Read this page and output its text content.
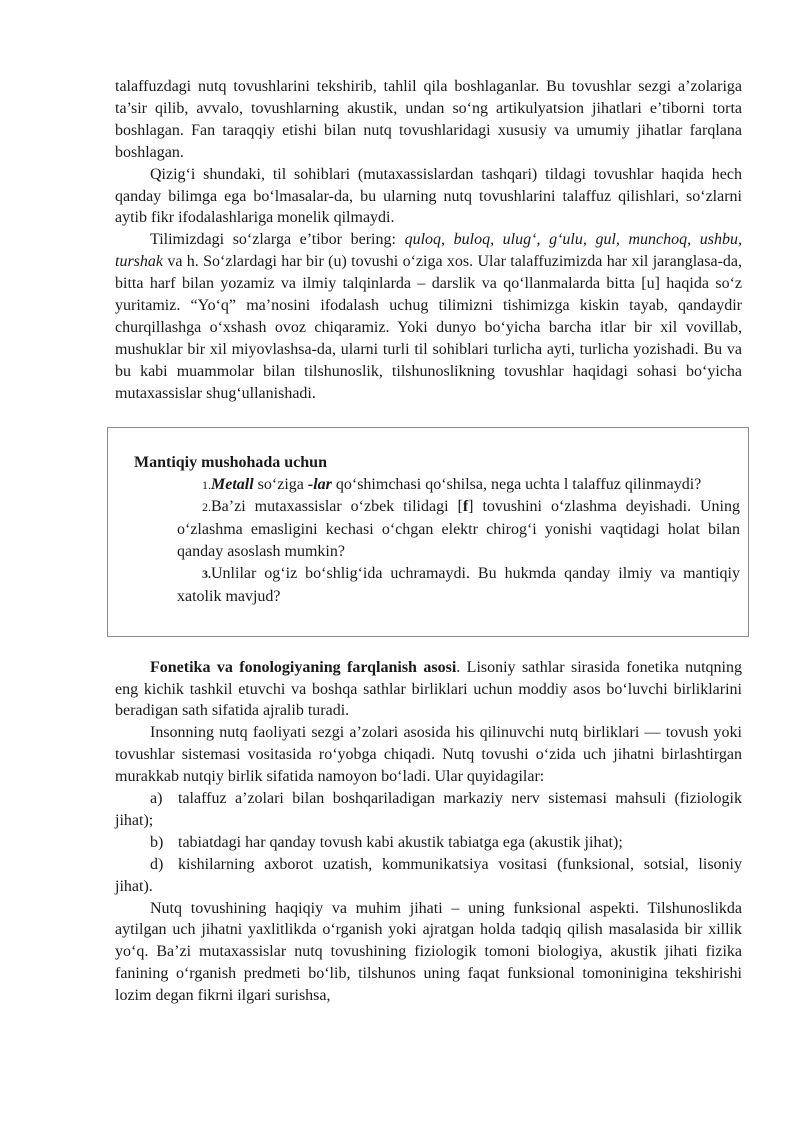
talaffuzdagi nutq tovushlarini tekshirib, tahlil qila boshlaganlar. Bu tovushlar sezgi a’zolariga ta’sir qilib, avvalo, tovushlarning akustik, undan so‘ng artikulyatsion jihatlari e’tiborni torta boshlagan. Fan taraqqiy etishi bilan nutq tovushlaridagi xususiy va umumiy jihatlar farqlana boshlagan.

Qizig‘i shundaki, til sohiblari (mutaxassislardan tashqari) tildagi tovushlar haqida hech qanday bilimga ega bo‘lmasalar-da, bu ularning nutq tovushlarini talaffuz qilishlari, so‘zlarni aytib fikr ifodalashlariga monelik qilmaydi.

Tilimizdagi so‘zlarga e’tibor bering: quloq, buloq, ulug‘, g‘ulu, gul, munchoq, ushbu, turshak va h. So‘zlardagi har bir (u) tovushi o‘ziga xos. Ular talaffuzimizda har xil jaranglasa-da, bitta harf bilan yozamiz va ilmiy talqinlarda – darslik va qo‘llanmalarda bitta [u] haqida so‘z yuritamiz. “Yo‘q” ma’nosini ifodalash uchug tilimizni tishimizga kiskin tayab, qandaydir churqillashga o‘xshash ovoz chiqaramiz. Yoki dunyo bo‘yicha barcha itlar bir xil vovillab, mushuklar bir xil miyovlashsa-da, ularni turli til sohiblari turlicha ayti, turlicha yozishadi. Bu va bu kabi muammolar bilan tilshunoslik, tilshunoslikning tovushlar haqidagi sohasi bo‘yicha mutaxassislar shug‘ullanishadi.

Mantiqiy mushohada uchun

1.Metall so‘ziga -lar qo‘shimchasi qo‘shilsa, nega uchta l talaffuz qilinmaydi?

2.Ba’zi mutaxassislar o‘zbek tilidagi [f] tovushini o‘zlashma deyishadi. Uning o‘zlashma emasligini kechasi o‘chgan elektr chirog‘i yonishi vaqtidagi holat bilan qanday asoslash mumkin?

3.Unlilar og‘iz bo‘shlig‘ida uchramaydi. Bu hukmda qanday ilmiy va mantiqiy xatolik mavjud?

Fonetika va fonologiyaning farqlanish asosi. Lisoniy sathlar sirasida fonetika nutqning eng kichik tashkil etuvchi va boshqa sathlar birliklari uchun moddiy asos bo‘luvchi birliklarini beradigan sath sifatida ajralib turadi.

Insonning nutq faoliyati sezgi a’zolari asosida his qilinuvchi nutq birliklari — tovush yoki tovushlar sistemasi vositasida ro‘yobga chiqadi. Nutq tovushi o‘zida uch jihatni birlashtirgan murakkab nutqiy birlik sifatida namoyon bo‘ladi. Ular quyidagilar:

a) talaffuz a’zolari bilan boshqariladigan markaziy nerv sistemasi mahsuli (fiziologik jihat);

b) tabiatdagi har qanday tovush kabi akustik tabiatga ega (akustik jihat);

d) kishilarning axborot uzatish, kommunikatsiya vositasi (funksional, sotsial, lisoniy jihat).

Nutq tovushining haqiqiy va muhim jihati – uning funksional aspekti. Tilshunoslikda aytilgan uch jihatni yaxlitlikda o‘rganish yoki ajratgan holda tadqiq qilish masalasida bir xillik yo‘q. Ba’zi mutaxassislar nutq tovushining fiziologik tomoni biologiya, akustik jihati fizika fanining o‘rganish predmeti bo‘lib, tilshunos uning faqat funksional tomoninigina tekshirishi lozim degan fikrni ilgari surishsa,
